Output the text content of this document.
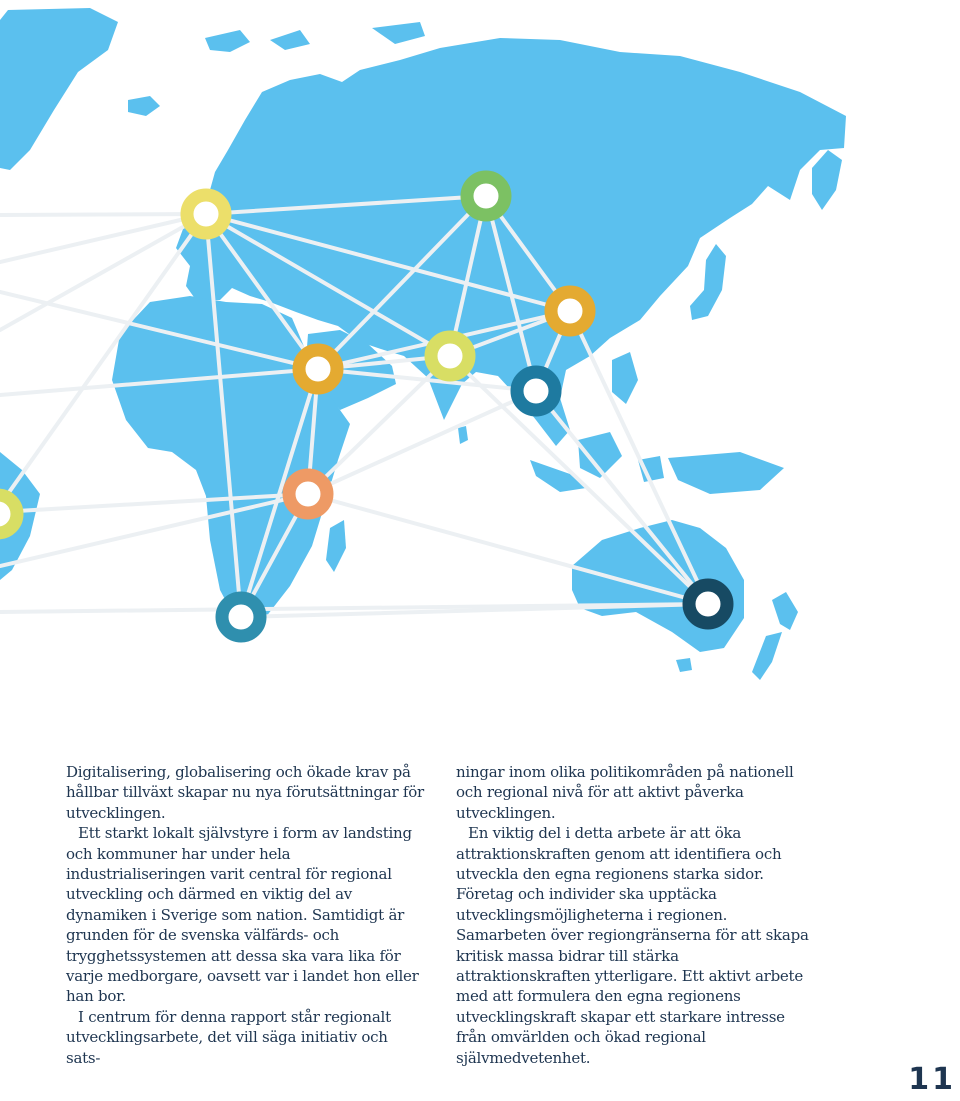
Digitalisering, globalisering och ökade krav på hållbar tillväxt skapar nu nya förutsättningar för utvecklingen.

Ett starkt lokalt självstyre i form av landsting och kommuner har under hela industrialiseringen varit central för regional utveckling och därmed en viktig del av dynamiken i Sverige som nation. Samtidigt är grunden för de svenska välfärds- och trygghetssystemen att dessa ska vara lika för varje medborgare, oavsett var i landet hon eller han bor.

I centrum för denna rapport står regionalt utvecklingsarbete, det vill säga initiativ och sats-

ningar inom olika politikområden på nationell och regional nivå för att aktivt påverka utvecklingen.

En viktig del i detta arbete är att öka attraktionskraften genom att identifiera och utveckla den egna regionens starka sidor. Företag och individer ska upptäcka utvecklingsmöjligheterna i regionen. Samarbeten över regiongränserna för att skapa kritisk massa bidrar till stärka attraktionskraften ytterligare. Ett aktivt arbete med att formulera den egna regionens utvecklingskraft skapar ett starkare intresse från omvärlden och ökad regional självmedvetenhet.

11
